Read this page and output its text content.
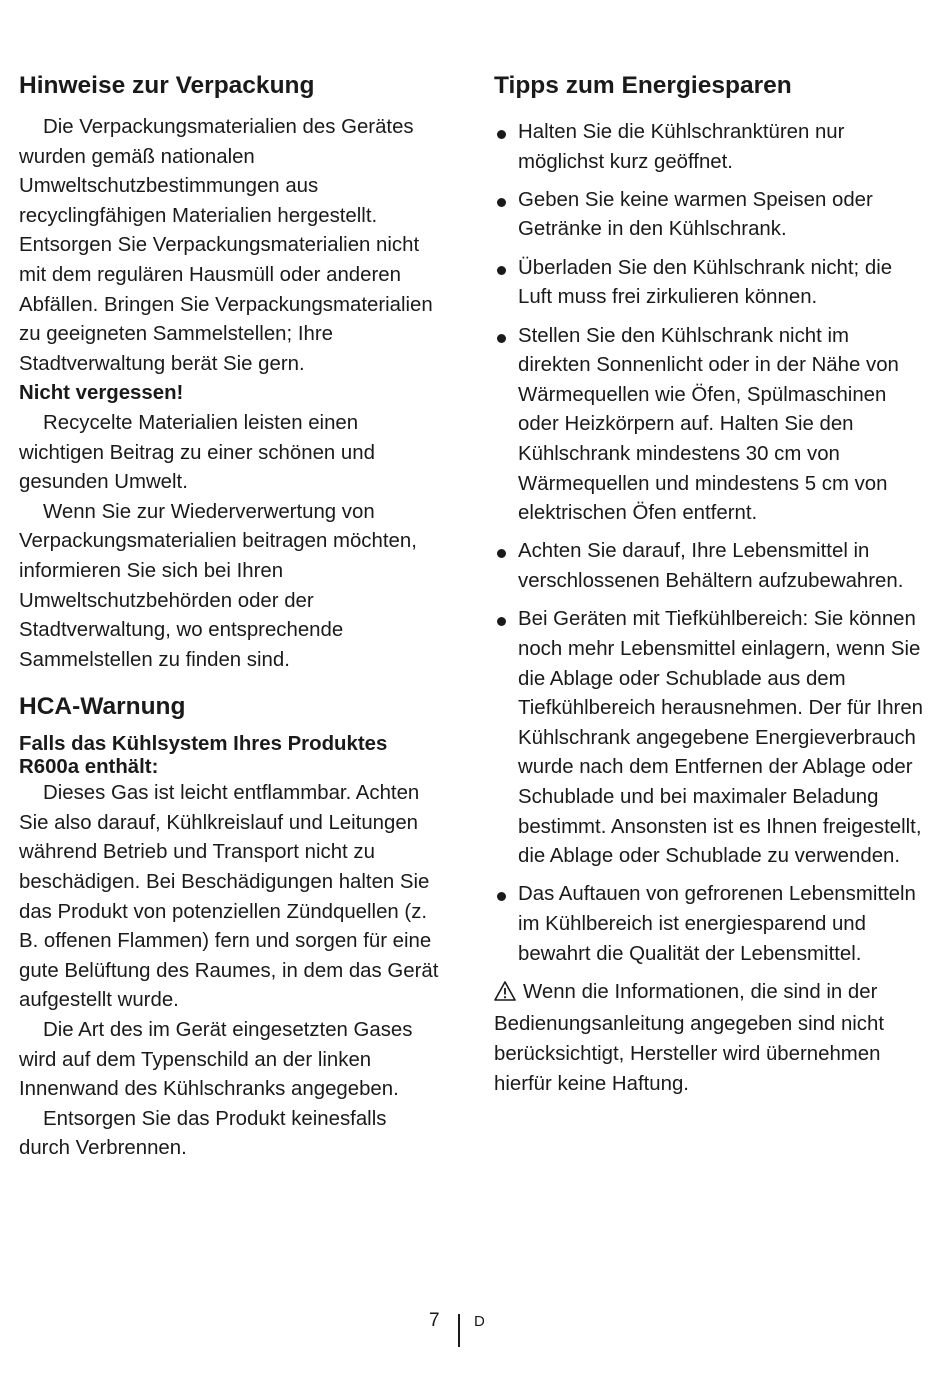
Hinweise zur Verpackung

Die Verpackungsmaterialien des Gerätes wurden gemäß nationalen Umweltschutzbestimmungen aus recyclingfähigen Materialien hergestellt. Entsorgen Sie Verpackungsmaterialien nicht mit dem regulären Hausmüll oder anderen Abfällen. Bringen Sie Verpackungsmaterialien zu geeigneten Sammelstellen; Ihre Stadtverwaltung berät Sie gern.

Nicht vergessen!

Recycelte Materialien leisten einen wichtigen Beitrag zu einer schönen und gesunden Umwelt.

Wenn Sie zur Wiederverwertung von Verpackungsmaterialien beitragen möchten, informieren Sie sich bei Ihren Umweltschutzbehörden oder der Stadtverwaltung, wo entsprechende Sammelstellen zu finden sind.

HCA-Warnung
Falls das Kühlsystem Ihres Produktes R600a enthält:

Dieses Gas ist leicht entflammbar. Achten Sie also darauf, Kühlkreislauf und Leitungen während Betrieb und Transport nicht zu beschädigen. Bei Beschädigungen halten Sie das Produkt von potenziellen Zündquellen (z. B. offenen Flammen) fern und sorgen für eine gute Belüftung des Raumes, in dem das Gerät aufgestellt wurde.

Die Art des im Gerät eingesetzten Gases wird auf dem Typenschild an der linken Innenwand des Kühlschranks angegeben.

Entsorgen Sie das Produkt keinesfalls durch Verbrennen.

Tipps zum Energiesparen
Halten Sie die Kühlschranktüren nur möglichst kurz geöffnet.
Geben Sie keine warmen Speisen oder Getränke in den Kühlschrank.
Überladen Sie den Kühlschrank nicht; die Luft muss frei zirkulieren können.
Stellen Sie den Kühlschrank nicht im direkten Sonnenlicht oder in der Nähe von Wärmequellen wie Öfen, Spülmaschinen oder Heizkörpern auf. Halten Sie den Kühlschrank mindestens 30 cm von Wärmequellen und mindestens 5 cm von elektrischen Öfen entfernt.
Achten Sie darauf, Ihre Lebensmittel in verschlossenen Behältern aufzubewahren.
Bei Geräten mit Tiefkühlbereich: Sie können noch mehr Lebensmittel einlagern, wenn Sie die Ablage oder Schublade aus dem Tiefkühlbereich herausnehmen. Der für Ihren Kühlschrank angegebene Energieverbrauch wurde nach dem Entfernen der Ablage oder Schublade und bei maximaler Beladung bestimmt. Ansonsten ist es Ihnen freigestellt, die Ablage oder Schublade zu verwenden.
Das Auftauen von gefrorenen Lebensmitteln im Kühlbereich ist energiesparend und bewahrt die Qualität der Lebensmittel.

Wenn die Informationen, die sind in der Bedienungsanleitung angegeben sind nicht berücksichtigt, Hersteller wird übernehmen hierfür keine Haftung.

7 D
